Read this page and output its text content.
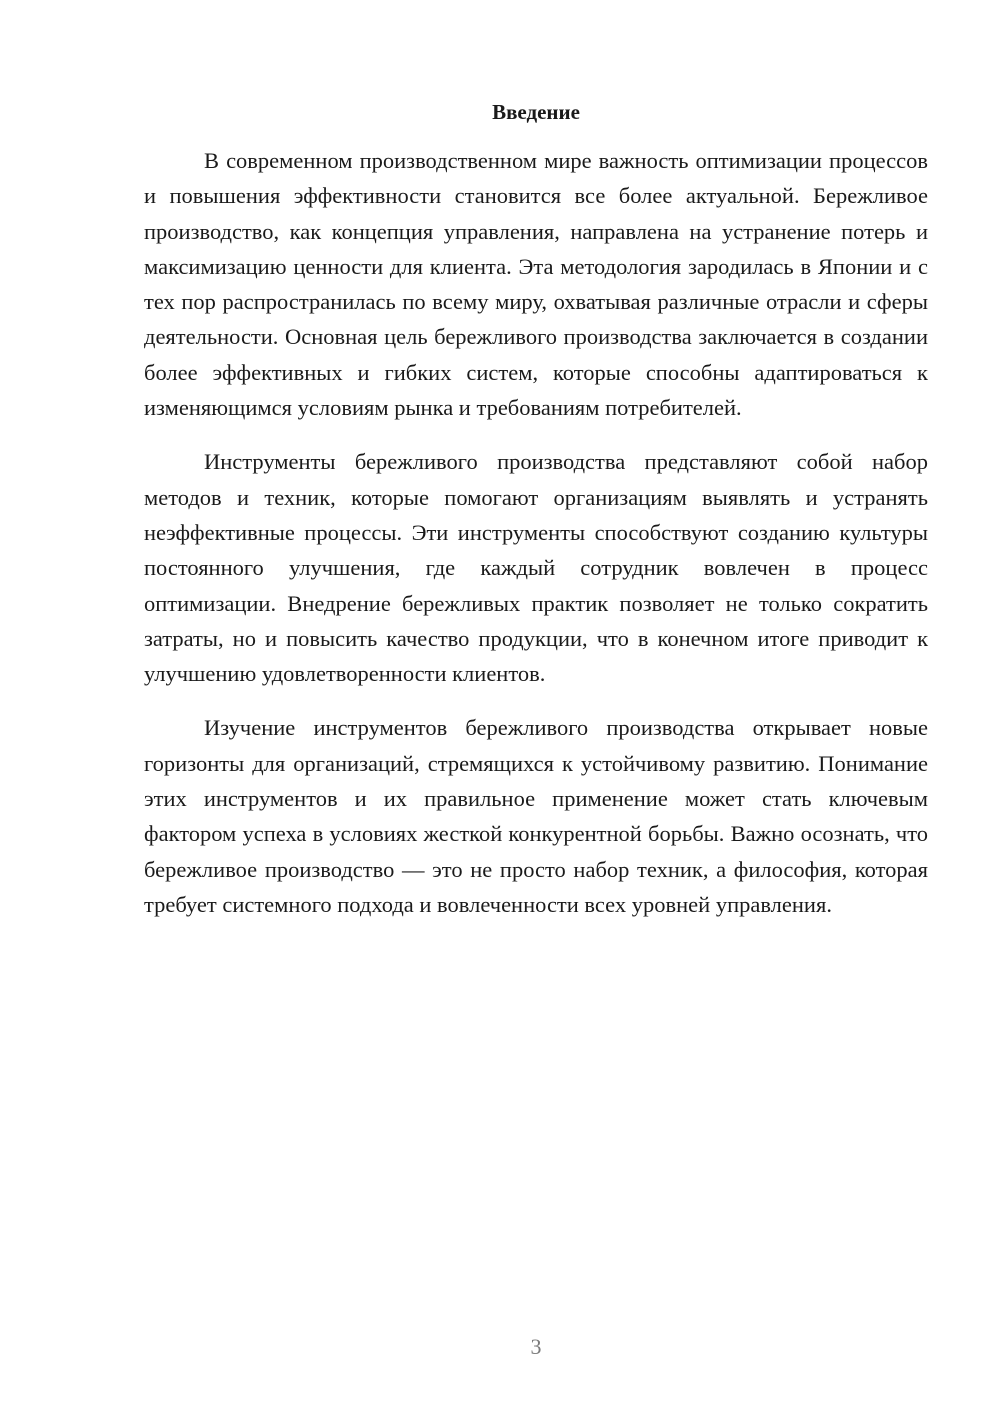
Введение

В современном производственном мире важность оптимизации процессов и повышения эффективности становится все более актуальной. Бережливое производство, как концепция управления, направлена на устранение потерь и максимизацию ценности для клиента. Эта методология зародилась в Японии и с тех пор распространилась по всему миру, охватывая различные отрасли и сферы деятельности. Основная цель бережливого производства заключается в создании более эффективных и гибких систем, которые способны адаптироваться к изменяющимся условиям рынка и требованиям потребителей.

Инструменты бережливого производства представляют собой набор методов и техник, которые помогают организациям выявлять и устранять неэффективные процессы. Эти инструменты способствуют созданию культуры постоянного улучшения, где каждый сотрудник вовлечен в процесс оптимизации. Внедрение бережливых практик позволяет не только сократить затраты, но и повысить качество продукции, что в конечном итоге приводит к улучшению удовлетворенности клиентов.

Изучение инструментов бережливого производства открывает новые горизонты для организаций, стремящихся к устойчивому развитию. Понимание этих инструментов и их правильное применение может стать ключевым фактором успеха в условиях жесткой конкурентной борьбы. Важно осознать, что бережливое производство — это не просто набор техник, а философия, которая требует системного подхода и вовлеченности всех уровней управления.

3
